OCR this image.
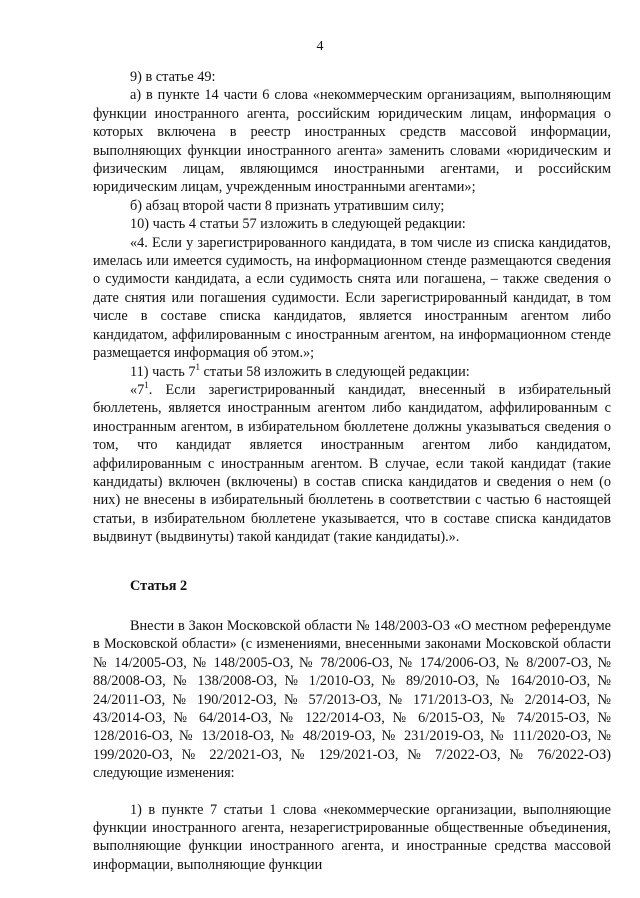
4

9) в статье 49:

а) в пункте 14 части 6 слова «некоммерческим организациям, выполняющим функции иностранного агента, российским юридическим лицам, информация о которых включена в реестр иностранных средств массовой информации, выполняющих функции иностранного агента» заменить словами «юридическим и физическим лицам, являющимся иностранными агентами, и российским юридическим лицам, учрежденным иностранными агентами»;

б) абзац второй части 8 признать утратившим силу;

10) часть 4 статьи 57 изложить в следующей редакции:

«4. Если у зарегистрированного кандидата, в том числе из списка кандидатов, имелась или имеется судимость, на информационном стенде размещаются сведения о судимости кандидата, а если судимость снята или погашена, – также сведения о дате снятия или погашения судимости. Если зарегистрированный кандидат, в том числе в составе списка кандидатов, является иностранным агентом либо кандидатом, аффилированным с иностранным агентом, на информационном стенде размещается информация об этом.»;

11) часть $7^1$ статьи 58 изложить в следующей редакции:

«$7^1$. Если зарегистрированный кандидат, внесенный в избирательный бюллетень, является иностранным агентом либо кандидатом, аффилированным с иностранным агентом, в избирательном бюллетене должны указываться сведения о том, что кандидат является иностранным агентом либо кандидатом, аффилированным с иностранным агентом. В случае, если такой кандидат (такие кандидаты) включен (включены) в состав списка кандидатов и сведения о нем (о них) не внесены в избирательный бюллетень в соответствии с частью 6 настоящей статьи, в избирательном бюллетене указывается, что в составе списка кандидатов выдвинут (выдвинуты) такой кандидат (такие кандидаты).».

Статья 2

Внести в Закон Московской области № 148/2003-ОЗ «О местном референдуме в Московской области» (с изменениями, внесенными законами Московской области № 14/2005-ОЗ, № 148/2005-ОЗ, № 78/2006-ОЗ, № 174/2006-ОЗ, № 8/2007-ОЗ, № 88/2008-ОЗ, № 138/2008-ОЗ, № 1/2010-ОЗ, № 89/2010-ОЗ, № 164/2010-ОЗ, № 24/2011-ОЗ, № 190/2012-ОЗ, № 57/2013-ОЗ, № 171/2013-ОЗ, № 2/2014-ОЗ, № 43/2014-ОЗ, № 64/2014-ОЗ, № 122/2014-ОЗ, № 6/2015-ОЗ, № 74/2015-ОЗ, № 128/2016-ОЗ, № 13/2018-ОЗ, № 48/2019-ОЗ, № 231/2019-ОЗ, № 111/2020-ОЗ, № 199/2020-ОЗ, № 22/2021-ОЗ, № 129/2021-ОЗ, № 7/2022-ОЗ, № 76/2022-ОЗ) следующие изменения:

1) в пункте 7 статьи 1 слова «некоммерческие организации, выполняющие функции иностранного агента, незарегистрированные общественные объединения, выполняющие функции иностранного агента, и иностранные средства массовой информации, выполняющие функции
